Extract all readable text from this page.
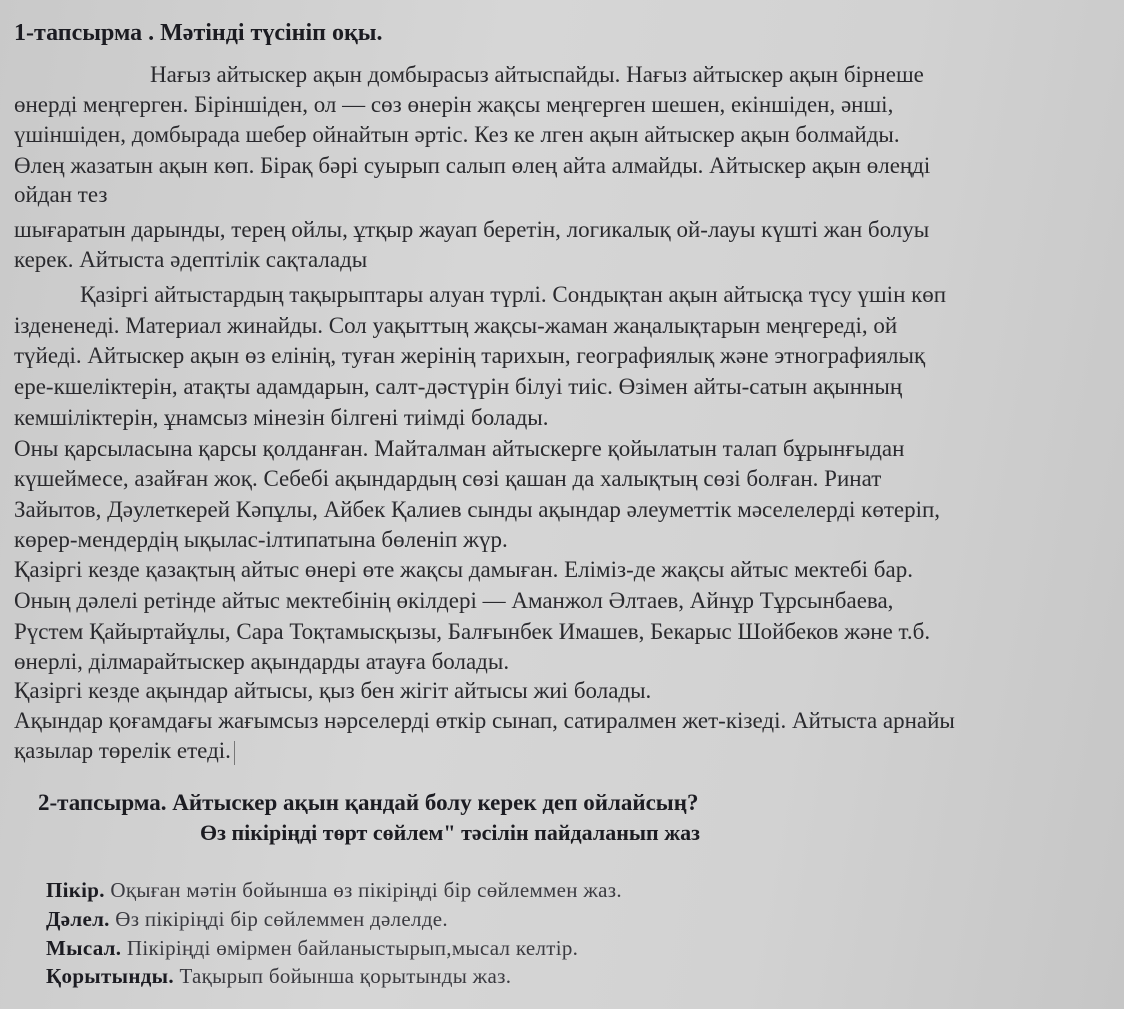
1-тапсырма . Мәтінді түсініп оқы.
Нағыз айтыскер ақын домбырасыз айтыспайды. Нағыз айтыскер ақын бірнеше
өнерді меңгерген. Біріншіден, ол — сөз өнерін жақсы меңгерген шешен, екіншіден, әнші,
үшіншіден, домбырада шебер ойнайтын әртіс. Кез ке лген ақын айтыскер ақын болмайды.
Өлең жазатын ақын көп. Бірақ бәрі суырып салып өлең айта алмайды. Айтыскер ақын өлеңді
ойдан тез
шығаратын дарынды, терең ойлы, ұтқыр жауап беретін, логикалық ой-лауы күшті жан болуы
керек. Айтыста әдептілік сақталады
Қазіргі айтыстардың тақырыптары алуан түрлі. Сондықтан ақын айтысқа түсу үшін көп
іздененеді. Материал жинайды. Сол уақыттың жақсы-жаман жаңалықтарын меңгереді, ой
түйеді. Айтыскер ақын өз елінің, туған жерінің тарихын, географиялық және этнографиялық
ере-кшеліктерін, атақты адамдарын, салт-дәстүрін білуі тиіс. Өзімен айты-сатын ақынның
кемшіліктерін, ұнамсыз мінезін білгені тиімді болады.
Оны қарсыласына қарсы қолданған. Майталман айтыскерге қойылатын талап бұрынғыдан
күшеймесе, азайған жоқ. Себебі ақындардың сөзі қашан да халықтың сөзі болған. Ринат
Зайытов, Дәулеткерей Кәпұлы, Айбек Қалиев сынды ақындар әлеуметтік мәселелерді көтеріп,
көрер-мендердің ықылас-ілтипатына бөленіп жүр.
Қазіргі кезде қазақтың айтыс өнері өте жақсы дамыған. Еліміз-де жақсы айтыс мектебі бар.
Оның дәлелі ретінде айтыс мектебінің өкілдері — Аманжол Әлтаев, Айнұр Тұрсынбаева,
Рүстем Қайыртайұлы, Сара Тоқтамысқызы, Балғынбек Имашев, Бекарыс Шойбеков және т.б.
өнерлі, ділмарайтыскер ақындарды атауға болады.
Қазіргі кезде ақындар айтысы, қыз бен жігіт айтысы жиі болады.
Ақындар қоғамдағы жағымсыз нәрселерді өткір сынап, сатиралмен жет-кізеді. Айтыста арнайы
қазылар төрелік етеді.
2-тапсырма. Айтыскер ақын қандай болу керек деп ойлайсың?
Өз пікіріңді төрт сөйлем" тәсілін пайдаланып жаз
Пікір. Оқыған мәтін бойынша өз пікіріңді бір сөйлеммен жаз.
Дәлел. Өз пікіріңді бір сөйлеммен дәлелде.
Мысал. Пікіріңді өмірмен байланыстырып,мысал келтір.
Қорытынды. Тақырып бойынша қорытынды жаз.
